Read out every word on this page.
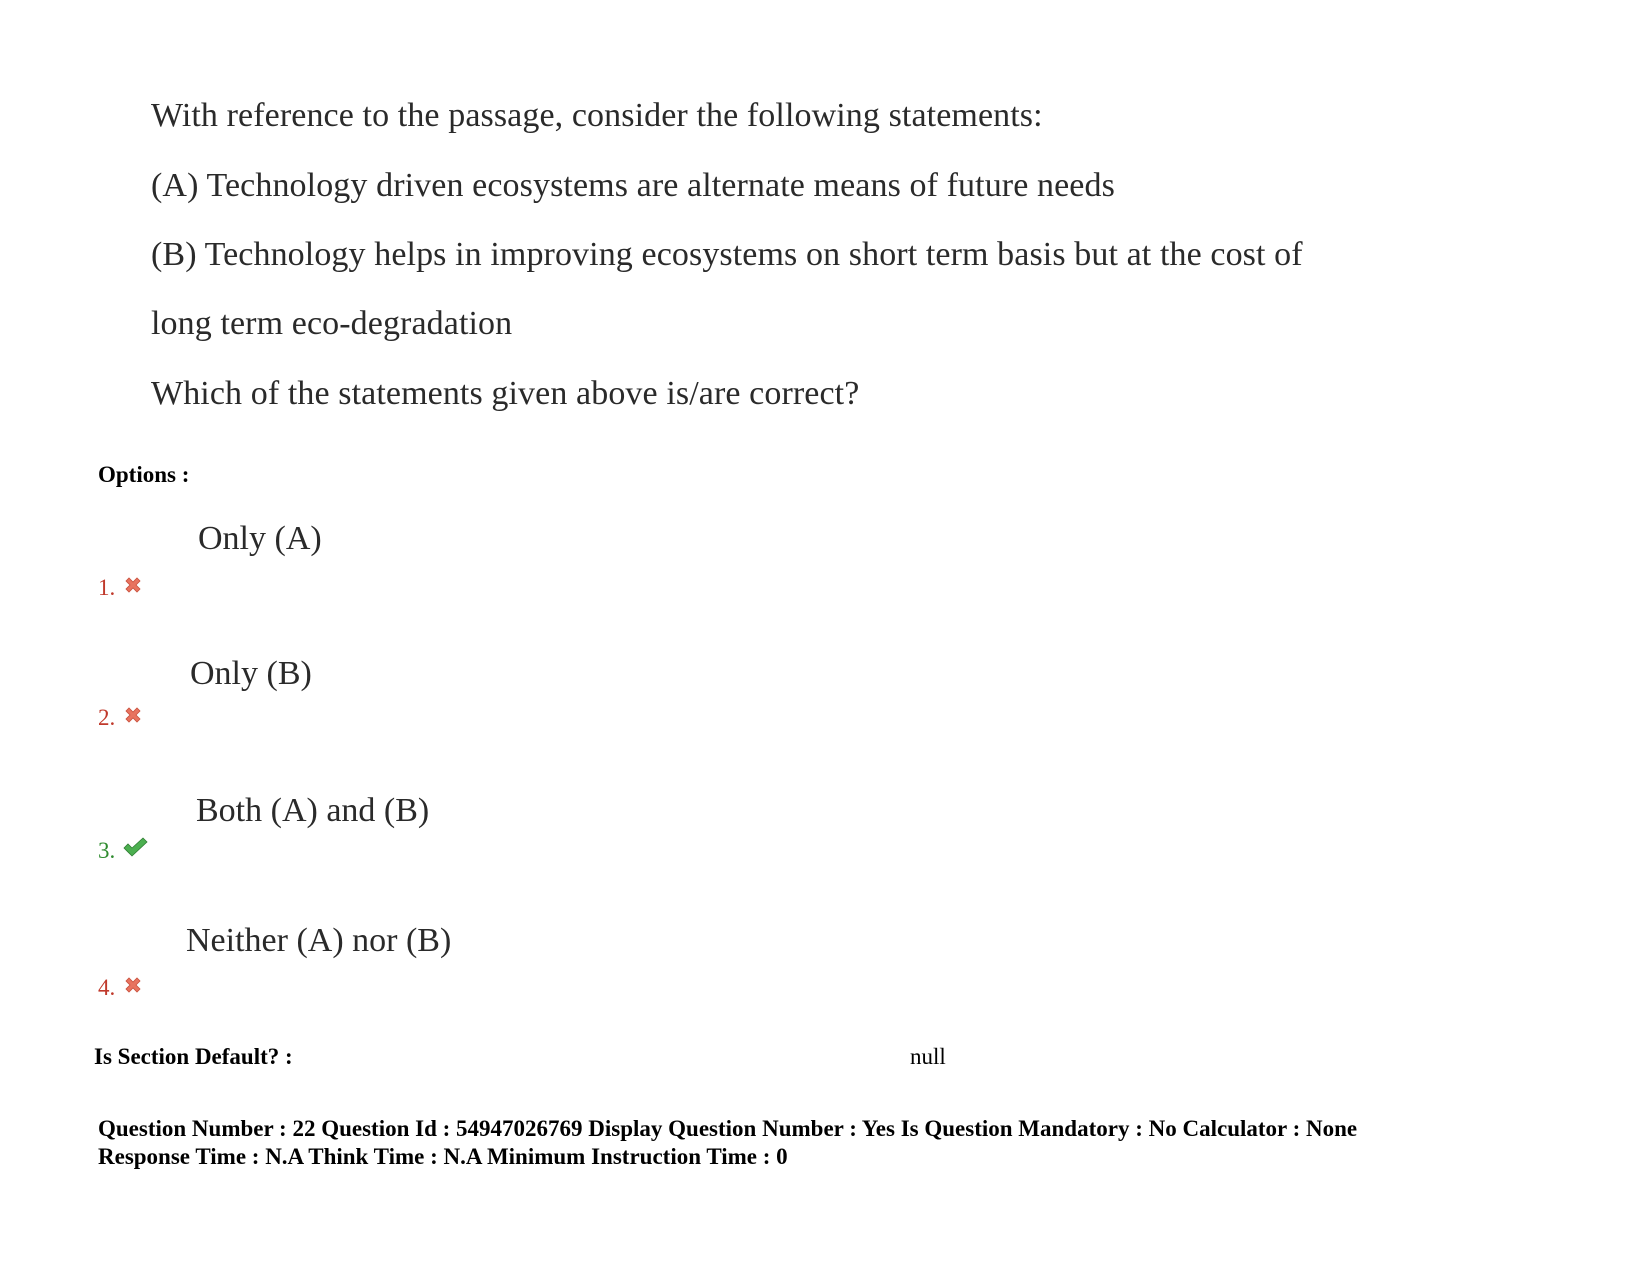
With reference to the passage, consider the following statements:
(A) Technology driven ecosystems are alternate means of future needs
(B) Technology helps in improving ecosystems on short term basis but at the cost of
long term eco-degradation
Which of the statements given above is/are correct?
Options :
Only (A)
1.
Only (B)
2.
Both (A) and (B)
3.
Neither (A) nor (B)
4.
Is Section Default? :	null
Question Number : 22 Question Id : 54947026769 Display Question Number : Yes Is Question Mandatory : No Calculator : None
Response Time : N.A Think Time : N.A Minimum Instruction Time : 0
